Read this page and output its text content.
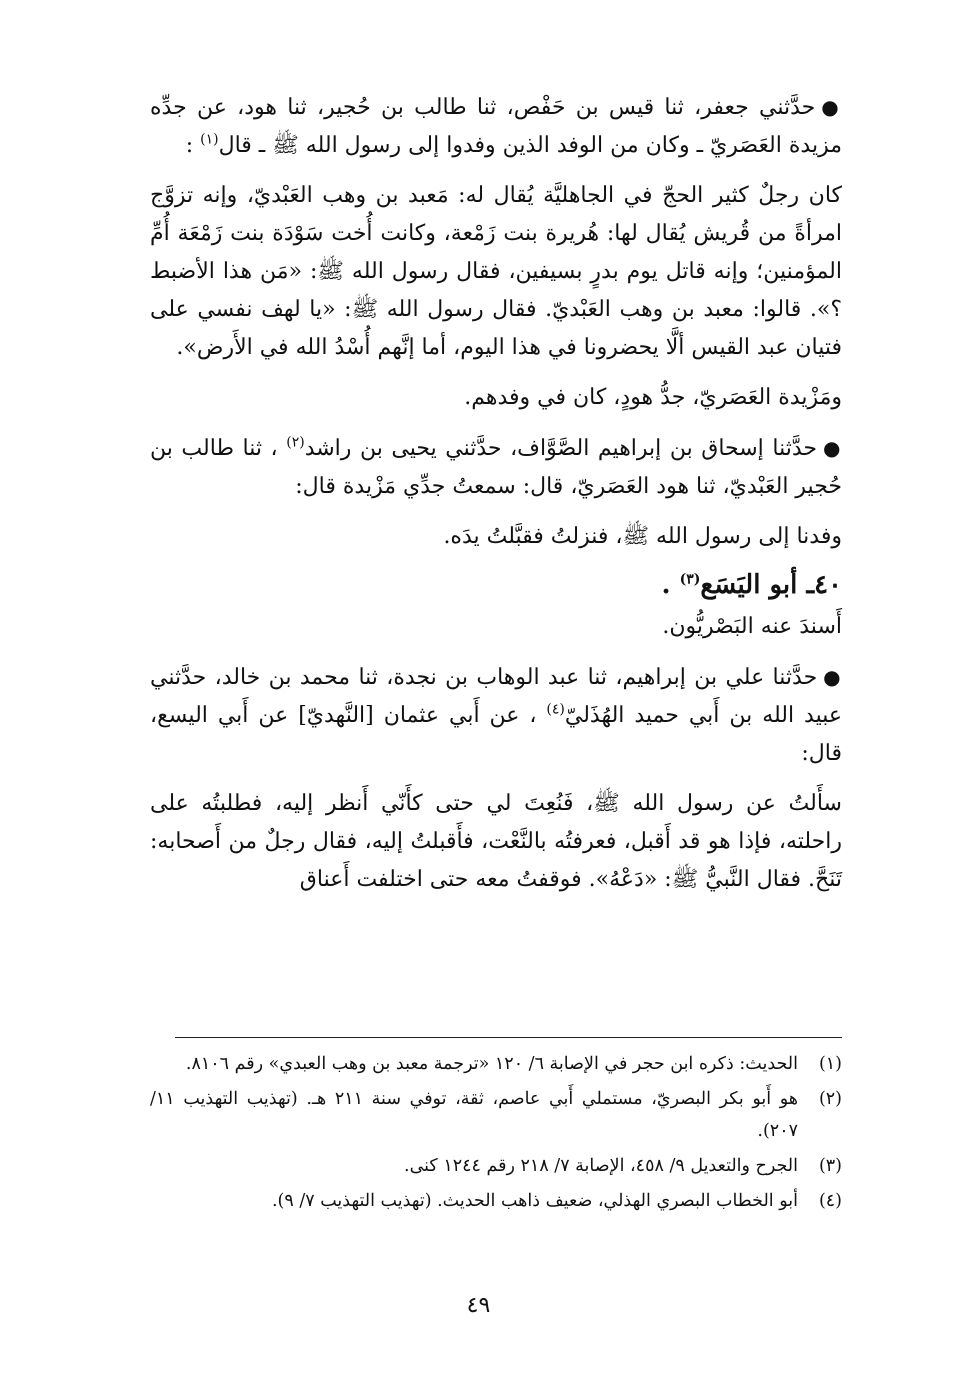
●حدَّثني جعفر، ثنا قيس بن حَفْص، ثنا طالب بن حُجير، ثنا هود، عن جدِّه مزيدة العَصَريّ ـ وكان من الوفد الذين وفدوا إلى رسول الله ﷺ ـ قال$^{(١)}$ :

كان رجلٌ كثير الحجّ في الجاهليَّة يُقال له: مَعبد بن وهب العَبْديّ، وإنه تزوَّج امرأةً من قُريش يُقال لها: هُريرة بنت زَمْعة، وكانت أُخت سَوْدَة بنت زَمْعَة أُمِّ المؤمنين؛ وإنه قاتل يوم بدرٍ بسيفين، فقال رسول الله ﷺ: «مَن هذا الأضبط ؟». قالوا: معبد بن وهب العَبْديّ. فقال رسول الله ﷺ: «يا لهف نفسي على فتيان عبد القيس ألَّا يحضرونا في هذا اليوم، أما إنَّهم أُسْدُ الله في الأَرض».

ومَزْيدة العَصَريّ، جدُّ هودٍ، كان في وفدهم.

●حدَّثنا إسحاق بن إبراهيم الصَّوَّاف، حدَّثني يحيى بن راشد$^{(٢)}$ ، ثنا طالب بن حُجير العَبْديّ، ثنا هود العَصَريّ، قال: سمعتُ جدِّي مَزْيدة قال:

وفدنا إلى رسول الله ﷺ، فنزلتُ فقبَّلتُ يدَه.

٤٠ـ أبو اليَسَع$^{(٣)}$ .

أَسندَ عنه البَصْريُّون.

●حدَّثنا علي بن إبراهيم، ثنا عبد الوهاب بن نجدة، ثنا محمد بن خالد، حدَّثني عبيد الله بن أَبي حميد الهُذَليّ$^{(٤)}$ ، عن أَبي عثمان [النَّهديّ] عن أَبي اليسع، قال:

سأَلتُ عن رسول الله ﷺ، فَنُعِتَ لي حتى كأَنّي أَنظر إليه، فطلبتُه على راحلته، فإذا هو قد أَقبل، فعرفتُه بالنَّعْت، فأَقبلتُ إليه، فقال رجلٌ من أَصحابه: تَنَحَّ. فقال النَّبيُّ ﷺ: «دَعْهُ». فوقفتُ معه حتى اختلفت أَعناق

(١)
الحديث: ذكره ابن حجر في الإصابة ٦/ ١٢٠ «ترجمة معبد بن وهب العبدي» رقم ٨١٠٦.
(٢)
هو أَبو بكر البصريّ، مستملي أَبي عاصم، ثقة، توفي سنة ٢١١ هـ. (تهذيب التهذيب ١١/ ٢٠٧).
(٣)
الجرح والتعديل ٩/ ٤٥٨، الإصابة ٧/ ٢١٨ رقم ١٢٤٤ كنى.
(٤)
أبو الخطاب البصري الهذلي، ضعيف ذاهب الحديث. (تهذيب التهذيب ٧/ ٩).
٤٩
